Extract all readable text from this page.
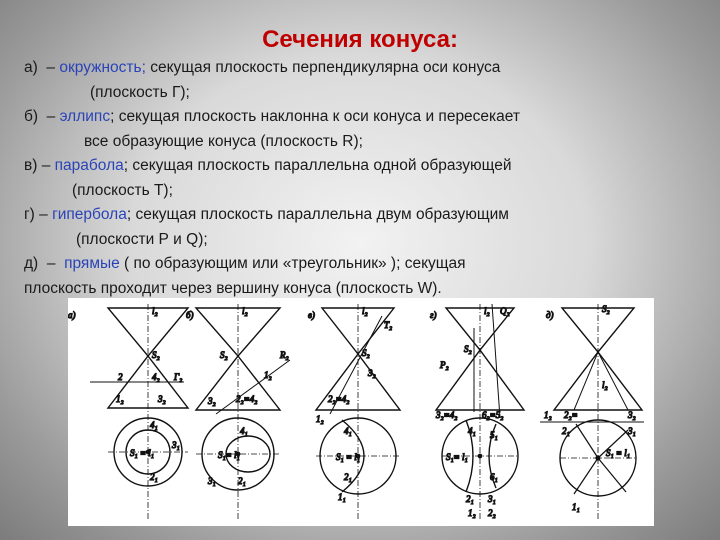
Сечения конуса:
а) – окружность; секущая плоскость перпендикулярна оси конуса
(плоскость Г);
б) – эллипс; секущая плоскость наклонна к оси конуса и пересекает
все образующие конуса (плоскость R);
в) – парабола; секущая плоскость параллельна одной образующей
(плоскость Т);
г) – гипербола; секущая плоскость параллельна двум образующим
(плоскости Р и Q);
д) – прямые ( по образующим или «треугольник» ); секущая
плоскость проходит через вершину конуса (плоскость W).
а)
S₂
2	4₂ Г₂
1₂	3₂
4₁
S₁ ≡ l₁
2₁
3₁
l₂	б)
S₂	R₂
1₂
3₂ 2₂≡4₂
4₁
S₁≡ l₁
2₁
3₁
l₂	в)
S₂
T₂
3₂
2₂≡4₂
1₂
4₁
S₁ ≡ l₁
2₁
1₁
l₂	г)	l₂ Q₂
S₂
P₂
3₂≡4₂	6₂≡5₂
4₁
S₁≡ l₁
5₁
6₁
2₁ 3₁
1₂ 2₂
д)
S₂
l₂
1₂ 2₂≡	3₂
S₁ ≡ l₁
2₁	3₁
1₁
